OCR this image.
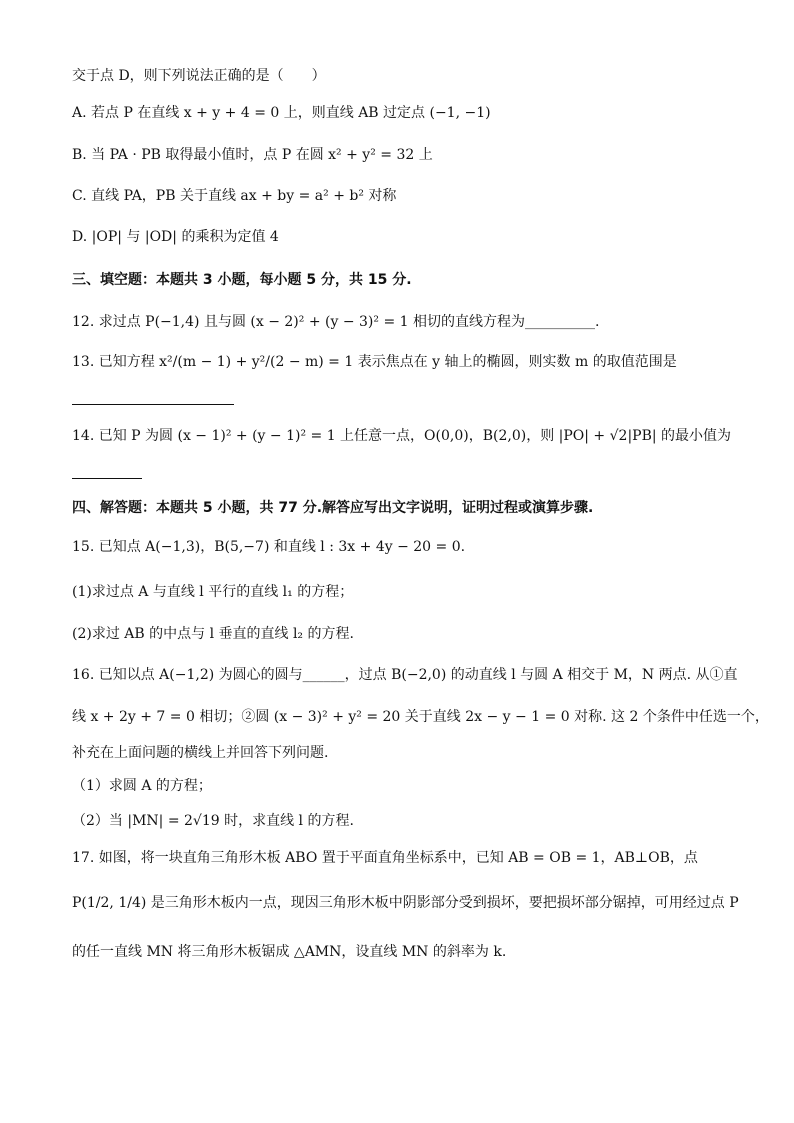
交于点 D，则下列说法正确的是（　　）
A. 若点 P 在直线 x + y + 4 = 0 上，则直线 AB 过定点 (−1, −1)
B. 当 PA · PB 取得最小值时，点 P 在圆 x² + y² = 32 上
C. 直线 PA，PB 关于直线 ax + by = a² + b² 对称
D. |OP| 与 |OD| 的乘积为定值 4
三、填空题：本题共 3 小题，每小题 5 分，共 15 分.
12. 求过点 P(−1,4) 且与圆 (x − 2)² + (y − 3)² = 1 相切的直线方程为__________.
13. 已知方程 x²/(m − 1) + y²/(2 − m) = 1 表示焦点在 y 轴上的椭圆，则实数 m 的取值范围是
14. 已知 P 为圆 (x − 1)² + (y − 1)² = 1 上任意一点，O(0,0)，B(2,0)，则 |PO| + √2|PB| 的最小值为
四、解答题：本题共 5 小题，共 77 分.解答应写出文字说明，证明过程或演算步骤.
15. 已知点 A(−1,3)，B(5,−7) 和直线 l : 3x + 4y − 20 = 0.
(1)求过点 A 与直线 l 平行的直线 l₁ 的方程；
(2)求过 AB 的中点与 l 垂直的直线 l₂ 的方程.
16. 已知以点 A(−1,2) 为圆心的圆与______，过点 B(−2,0) 的动直线 l 与圆 A 相交于 M，N 两点. 从①直
线 x + 2y + 7 = 0 相切；②圆 (x − 3)² + y² = 20 关于直线 2x − y − 1 = 0 对称. 这 2 个条件中任选一个，
补充在上面问题的横线上并回答下列问题.
（1）求圆 A 的方程；
（2）当 |MN| = 2√19 时，求直线 l 的方程.
17. 如图，将一块直角三角形木板 ABO 置于平面直角坐标系中，已知 AB = OB = 1，AB⊥OB，点
P(1/2, 1/4) 是三角形木板内一点，现因三角形木板中阴影部分受到损坏，要把损坏部分锯掉，可用经过点 P
的任一直线 MN 将三角形木板锯成 △AMN，设直线 MN 的斜率为 k.
